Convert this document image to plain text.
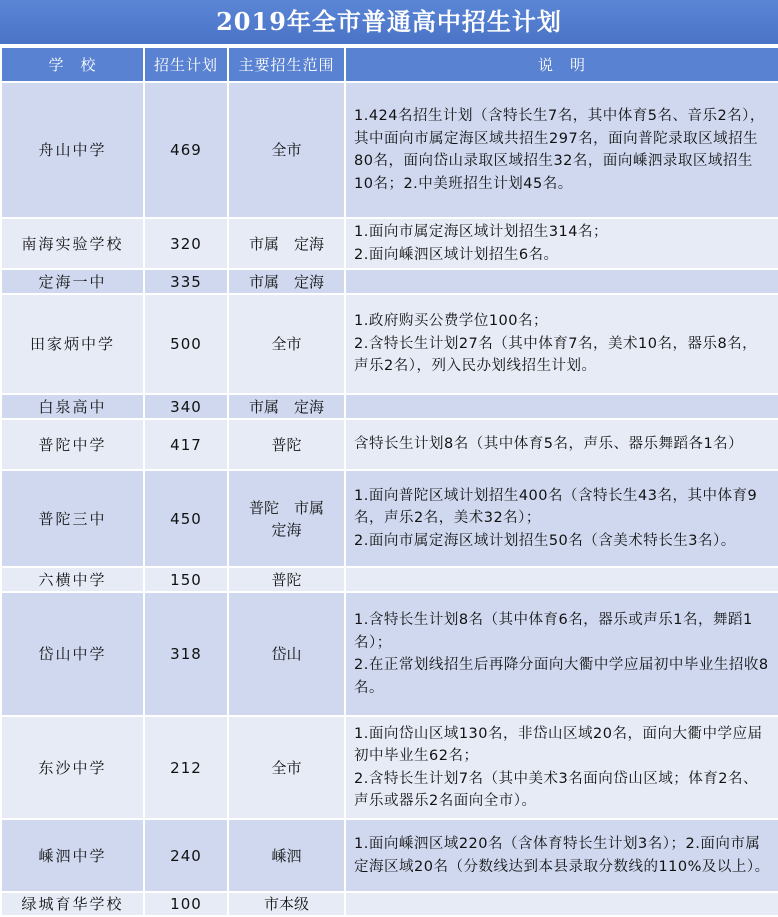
2019年全市普通高中招生计划
学　校	招生计划	主要招生范围	说　明
舟山中学	469	全市	1.424名招生计划（含特长生7名，其中体育5名、音乐2名），其中面向市属定海区域共招生297名，面向普陀录取区域招生80名，面向岱山录取区域招生32名，面向嵊泗录取区域招生10名；2.中美班招生计划45名。

南海实验学校	320	市属　定海	1.面向市属定海区域计划招生314名；
2.面向嵊泗区域计划招生6名。

定海一中	335	市属　定海	
田家炳中学	500	全市	1.政府购买公费学位100名；
2.含特长生计划27名（其中体育7名，美术10名，器乐8名，声乐2名），列入民办划线招生计划。

白泉高中	340	市属　定海	
普陀中学	417	普陀	含特长生计划8名（其中体育5名，声乐、器乐舞蹈各1名）

普陀三中	450	普陀　市属定海	1.面向普陀区域计划招生400名（含特长生43名，其中体育9名，声乐2名，美术32名）；
2.面向市属定海区域计划招生50名（含美术特长生3名）。

六横中学	150	普陀	
岱山中学	318	岱山	1.含特长生计划8名（其中体育6名，器乐或声乐1名，舞蹈1名）；
2.在正常划线招生后再降分面向大衢中学应届初中毕业生招收8名。

东沙中学	212	全市	1.面向岱山区域130名，非岱山区域20名，面向大衢中学应届初中毕业生62名；
2.含特长生计划7名（其中美术3名面向岱山区域；体育2名、声乐或器乐2名面向全市）。

嵊泗中学	240	嵊泗	1.面向嵊泗区域220名（含体育特长生计划3名）；2.面向市属定海区域20名（分数线达到本县录取分数线的110%及以上）。

绿城育华学校	100	市本级	
